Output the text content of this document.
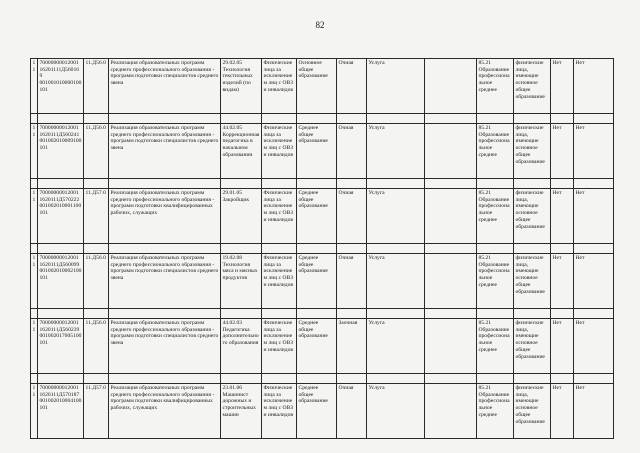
82
11	70000000012001 16201111Д560169 001001010000100 101	11.Д56.0	Реализация образовательных программ среднего профессионального образования - программ подготовки специалистов среднего звена	29.02.05 Технология текстильных изделий (по видам)	Физические лица за исключением лиц с ОВЗ и инвалидов	Основное общее образование	Очная	Услуга		85.21 Образование профессиональное среднее	физические лица, имеющие основное общее образование	Нет	Нет

11	70000000012001 1620111Д560241 001002010009100 101	11.Д56.0	Реализация образовательных программ среднего профессионального образования - программ подготовки специалистов среднего звена	44.02.05 Коррекционная педагогика в начальном образовании	Физические лица за исключением лиц с ОВЗ и инвалидов	Среднее общее образование	Очная	Услуга		85.21 Образование профессиональное среднее	физические лица, имеющие основное общее образование	Нет	Нет

11	70000000012001 1620111Д570222 001002010001100 101	11.Д57.0	Реализация образовательных программ среднего профессионального образования - программ подготовки квалифицированных рабочих, служащих	29.01.05 Закройщик	Физические лица за исключением лиц с ОВЗ и инвалидов	Среднее общее образование	Очная	Услуга		85.21 Образование профессиональное среднее	физические лица, имеющие основное общее образование	Нет	Нет

11	70000000012001 1620111Д560099 001002010002100 101	11.Д56.0	Реализация образовательных программ среднего профессионального образования - программ подготовки специалистов среднего звена	19.02.08 Технология мяса и мясных продуктов	Физические лица за исключением лиц с ОВЗ и инвалидов	Среднее общее образование	Очная	Услуга		85.21 Образование профессиональное среднее	физические лица, имеющие основное общее образование	Нет	Нет

11	70000000012001 1620111Д560239 001002017005100 101	11.Д56.0	Реализация образовательных программ среднего профессионального образования - программ подготовки специалистов среднего звена	44.02.03 Педагогика дополнительного образования	Физические лица за исключением лиц с ОВЗ и инвалидов	Среднее общее образование	Заочная	Услуга		85.21 Образование профессиональное среднее	физические лица, имеющие основное общее образование	Нет	Нет

11	70000000012001 1620111Д570187 001002010004100 101	11.Д57.0	Реализация образовательных программ среднего профессионального образования - программ подготовки квалифицированных рабочих, служащих	23.01.06 Машинист дорожных и строительных машин	Физические лица за исключением лиц с ОВЗ и инвалидов	Среднее общее образование	Очная	Услуга		85.21 Образование профессиональное среднее	физические лица, имеющие основное общее образование	Нет	Нет
